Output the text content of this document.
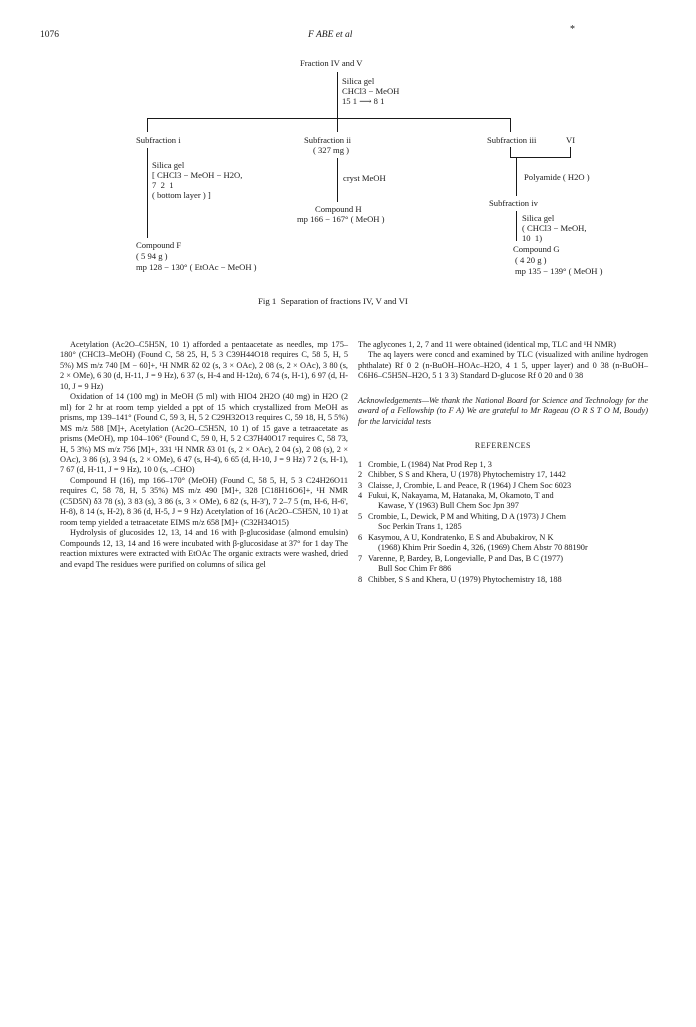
1076	F ABE et al	*
Fraction IV and V
Silica gel
CHCl3 − MeOH
15 1 ⟶ 8 1
Subfraction i
Silica gel
[ CHCl3 − MeOH − H2O,
7  2  1
( bottom layer ) ]
Compound F
( 5 94 g )
mp 128 − 130° ( EtOAc − MeOH )
Subfraction ii
( 327 mg )
cryst MeOH
Compound H
mp 166 − 167° ( MeOH )
Subfraction iii	VI
Polyamide ( H2O )
Subfraction iv
Silica gel
( CHCl3 − MeOH,
10  1)
Compound G
( 4 20 g )
mp 135 − 139° ( MeOH )
Fig 1  Separation of fractions IV, V and VI

Acetylation (Ac2O–C5H5N, 10 1) afforded a pentaacetate as needles, mp 175–180° (CHCl3–MeOH) (Found C, 58 25, H, 5 3 C39H44O18 requires C, 58 5, H, 5 5%) MS m/z 740 [M − 60]+, ¹H NMR δ2 02 (s, 3 × OAc), 2 08 (s, 2 × OAc), 3 80 (s, 2 × OMe), 6 30 (d, H-11, J = 9 Hz), 6 37 (s, H-4 and H-12α), 6 74 (s, H-1), 6 97 (d, H-10, J = 9 Hz)

Oxidation of 14 (100 mg) in MeOH (5 ml) with HIO4 2H2O (40 mg) in H2O (2 ml) for 2 hr at room temp yielded a ppt of 15 which crystallized from MeOH as prisms, mp 139–141° (Found C, 59 3, H, 5 2 C29H32O13 requires C, 59 18, H, 5 5%) MS m/z 588 [M]+, Acetylation (Ac2O–C5H5N, 10 1) of 15 gave a tetraacetate as prisms (MeOH), mp 104–106° (Found C, 59 0, H, 5 2 C37H40O17 requires C, 58 73, H, 5 3%) MS m/z 756 [M]+, 331 ¹H NMR δ3 01 (s, 2 × OAc), 2 04 (s), 2 08 (s), 2 × OAc), 3 86 (s), 3 94 (s, 2 × OMe), 6 47 (s, H-4), 6 65 (d, H-10, J = 9 Hz) 7 2 (s, H-1), 7 67 (d, H-11, J = 9 Hz), 10 0 (s, –CHO)

Compound H (16), mp 166–170° (MeOH) (Found C, 58 5, H, 5 3 C24H26O11 requires C, 58 78, H, 5 35%) MS m/z 490 [M]+, 328 [C18H16O6]+, ¹H NMR (C5D5N) δ3 78 (s), 3 83 (s), 3 86 (s, 3 × OMe), 6 82 (s, H-3'), 7 2–7 5 (m, H-6, H-6', H-8), 8 14 (s, H-2), 8 36 (d, H-5, J = 9 Hz) Acetylation of 16 (Ac2O–C5H5N, 10 1) at room temp yielded a tetraacetate EIMS m/z 658 [M]+ (C32H34O15)

Hydrolysis of glucosides 12, 13, 14 and 16 with β-glucosidase (almond emulsin) Compounds 12, 13, 14 and 16 were incubated with β-glucosidase at 37° for 1 day The reaction mixtures were extracted with EtOAc The organic extracts were washed, dried and evapd The residues were purified on columns of silica gel

The aglycones 1, 2, 7 and 11 were obtained (identical mp, TLC and ¹H NMR)

The aq layers were concd and examined by TLC (visualized with aniline hydrogen phthalate) Rf 0 2 (n-BuOH–HOAc–H2O, 4 1 5, upper layer) and 0 38 (n-BuOH–C6H6–C5H5N–H2O, 5 1 3 3) Standard D-glucose Rf 0 20 and 0 38

Acknowledgements—We thank the National Board for Science and Technology for the award of a Fellowship (to F A) We are grateful to Mr Rageau (O R S T O M, Boudy) for the larvicidal tests

REFERENCES
1 Crombie, L (1984) Nat Prod Rep 1, 3
2 Chibber, S S and Khera, U (1978) Phytochemistry 17, 1442
3 Claisse, J, Crombie, L and Peace, R (1964) J Chem Soc 6023
4 Fukui, K, Nakayama, M, Hatanaka, M, Okamoto, T and
Kawase, Y (1963) Bull Chem Soc Jpn 397
5 Crombie, L, Dewick, P M and Whiting, D A (1973) J Chem
Soc Perkin Trans 1, 1285
6 Kasymou, A U, Kondratenko, E S and Abubakirov, N K
(1968) Khim Prir Soedin 4, 326, (1969) Chem Abstr 70 88190r
7 Varenne, P, Bardey, B, Longevialle, P and Das, B C (1977)
Bull Soc Chim Fr 886
8 Chibber, S S and Khera, U (1979) Phytochemistry 18, 188
